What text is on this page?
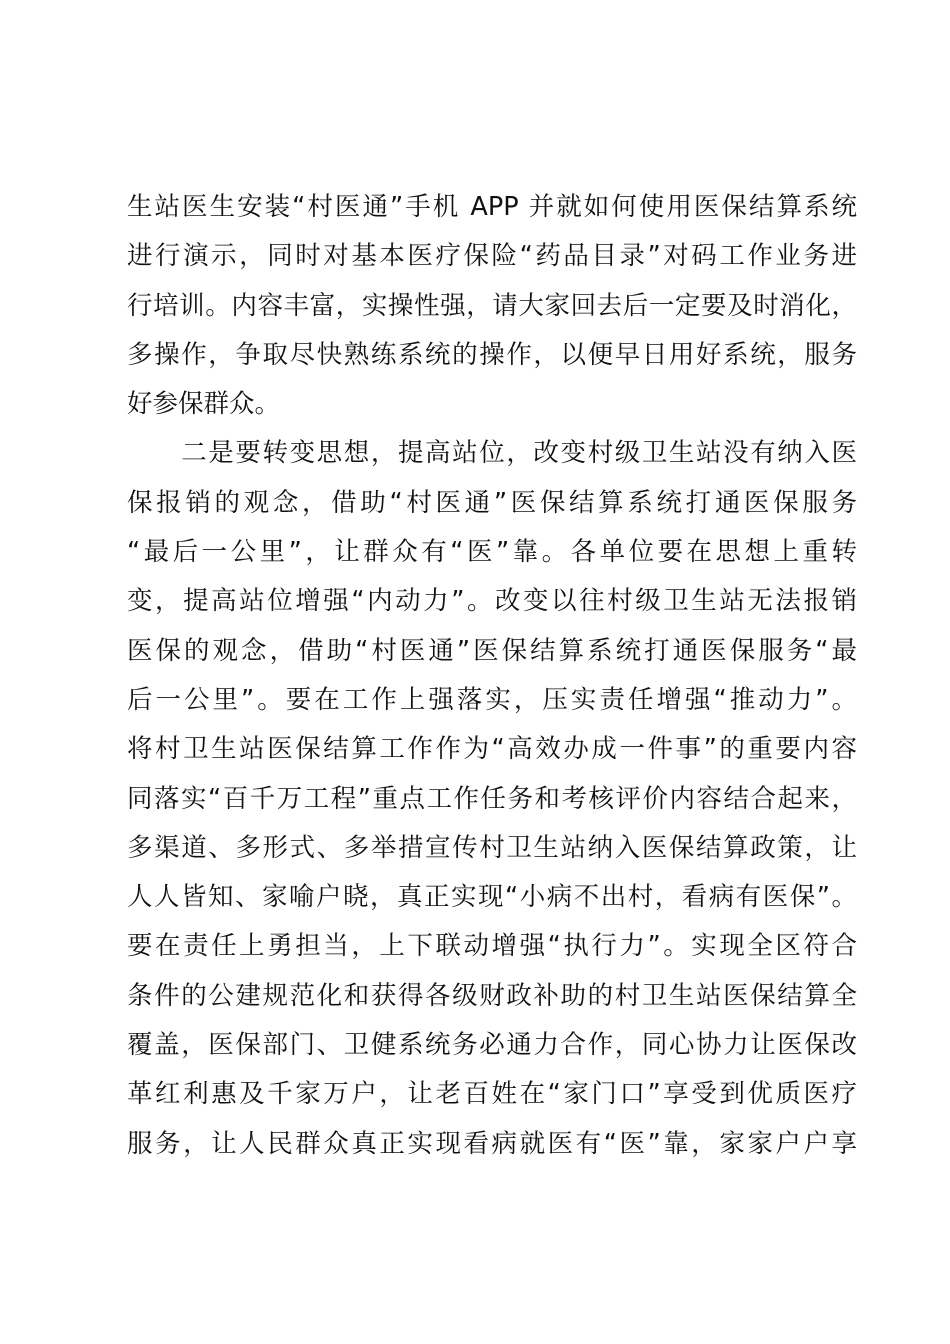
生站医生安装“村医通”手机 APP 并就如何使用医保结算系统
进行演示，同时对基本医疗保险“药品目录”对码工作业务进
行培训。内容丰富，实操性强，请大家回去后一定要及时消化，
多操作，争取尽快熟练系统的操作，以便早日用好系统，服务
好参保群众。
　　二是要转变思想，提高站位，改变村级卫生站没有纳入医
保报销的观念，借助“村医通”医保结算系统打通医保服务
“最后一公里”，让群众有“医”靠。各单位要在思想上重转
变，提高站位增强“内动力”。改变以往村级卫生站无法报销
医保的观念，借助“村医通”医保结算系统打通医保服务“最
后一公里”。要在工作上强落实，压实责任增强“推动力”。
将村卫生站医保结算工作作为“高效办成一件事”的重要内容
同落实“百千万工程”重点工作任务和考核评价内容结合起来，
多渠道、多形式、多举措宣传村卫生站纳入医保结算政策，让
人人皆知、家喻户晓，真正实现“小病不出村，看病有医保”。
要在责任上勇担当，上下联动增强“执行力”。实现全区符合
条件的公建规范化和获得各级财政补助的村卫生站医保结算全
覆盖，医保部门、卫健系统务必通力合作，同心协力让医保改
革红利惠及千家万户，让老百姓在“家门口”享受到优质医疗
服务，让人民群众真正实现看病就医有“医”靠，家家户户享
